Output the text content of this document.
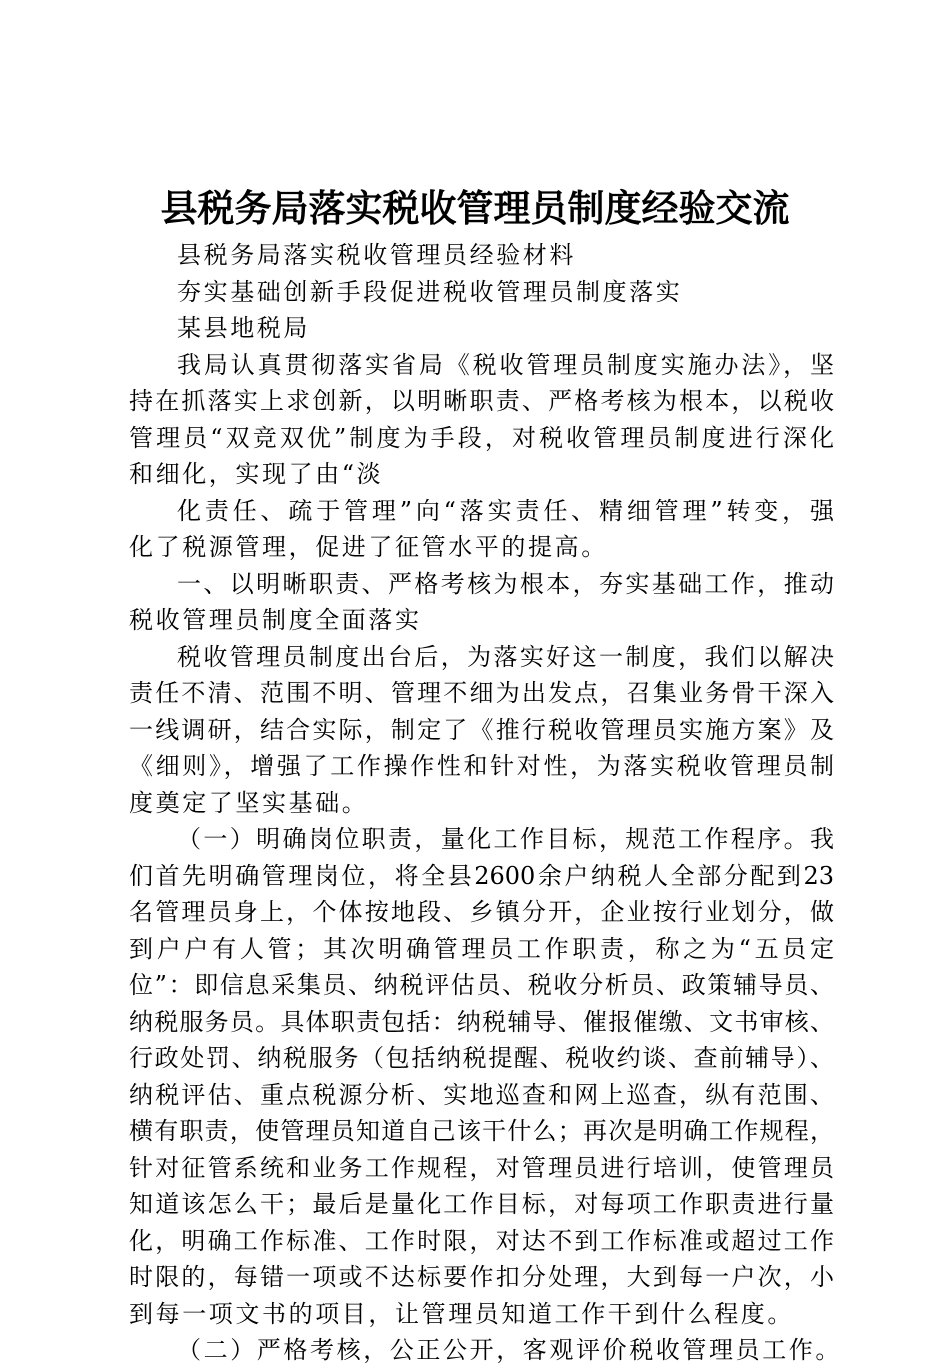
县税务局落实税收管理员制度经验交流

县税务局落实税收管理员经验材料

夯实基础创新手段促进税收管理员制度落实

某县地税局

我局认真贯彻落实省局《税收管理员制度实施办法》，坚

持在抓落实上求创新，以明晰职责、严格考核为根本，以税收

管理员“双竞双优”制度为手段，对税收管理员制度进行深化

和细化，实现了由“淡

化责任、疏于管理”向“落实责任、精细管理”转变，强

化了税源管理，促进了征管水平的提高。

一、以明晰职责、严格考核为根本，夯实基础工作，推动

税收管理员制度全面落实

税收管理员制度出台后，为落实好这一制度，我们以解决

责任不清、范围不明、管理不细为出发点，召集业务骨干深入

一线调研，结合实际，制定了《推行税收管理员实施方案》及

《细则》，增强了工作操作性和针对性，为落实税收管理员制

度奠定了坚实基础。

（一）明确岗位职责，量化工作目标，规范工作程序。我

们首先明确管理岗位，将全县2600余户纳税人全部分配到23

名管理员身上，个体按地段、乡镇分开，企业按行业划分，做

到户户有人管；其次明确管理员工作职责，称之为“五员定

位”：即信息采集员、纳税评估员、税收分析员、政策辅导员、

纳税服务员。具体职责包括：纳税辅导、催报催缴、文书审核、

行政处罚、纳税服务（包括纳税提醒、税收约谈、查前辅导）、

纳税评估、重点税源分析、实地巡查和网上巡查，纵有范围、

横有职责，使管理员知道自己该干什么；再次是明确工作规程，

针对征管系统和业务工作规程，对管理员进行培训，使管理员

知道该怎么干；最后是量化工作目标，对每项工作职责进行量

化，明确工作标准、工作时限，对达不到工作标准或超过工作

时限的，每错一项或不达标要作扣分处理，大到每一户次，小

到每一项文书的项目，让管理员知道工作干到什么程度。

（二）严格考核，公正公开，客观评价税收管理员工作。
